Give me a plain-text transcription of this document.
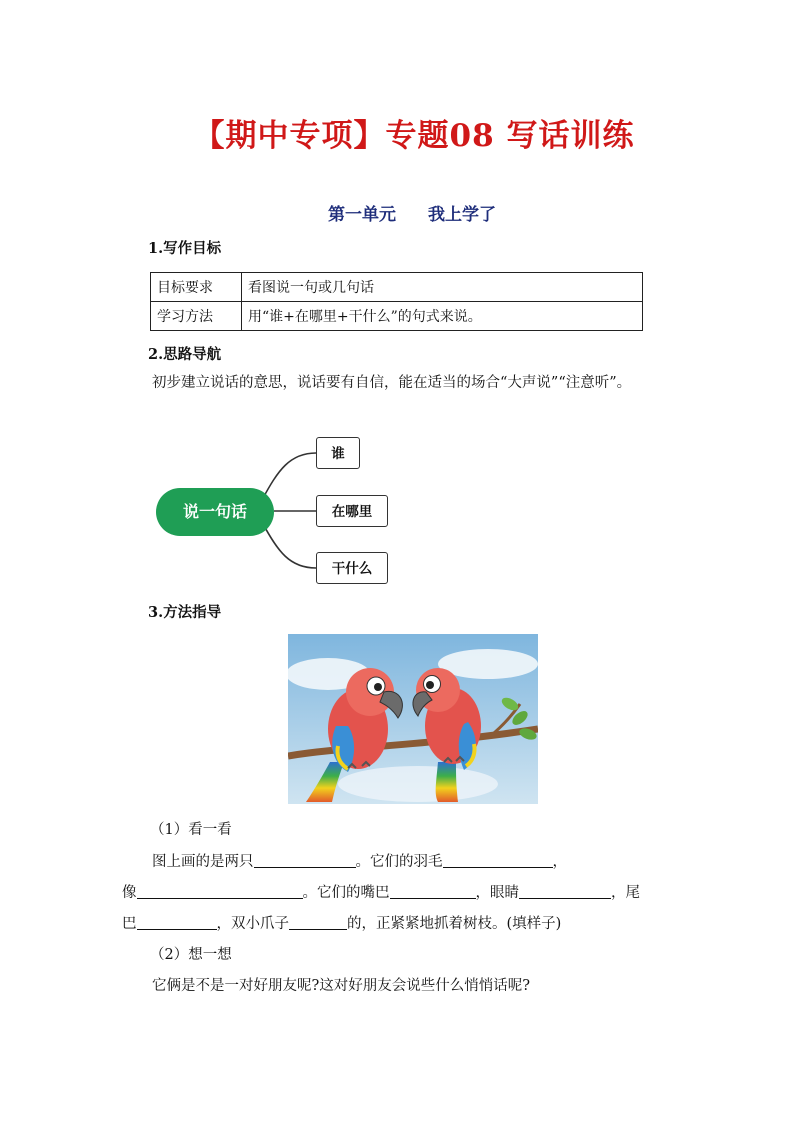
【期中专项】专题08 写话训练
第一单元 我上学了
1.写作目标
目标要求	看图说一句或几句话
学习方法	用“谁+在哪里+干什么”的句式来说。
2.思路导航
初步建立说话的意思，说话要有自信，能在适当的场合“大声说”“注意听”。
说一句话
谁
在哪里
干什么
3.方法指导
（1）看一看
图上画的是两只	。它们的羽毛	，
像	。它们的嘴巴	，眼睛	，尾
巴	，双小爪子	的，正紧紧地抓着树枝。(填样子)
（2）想一想
它俩是不是一对好朋友呢?这对好朋友会说些什么悄悄话呢?
